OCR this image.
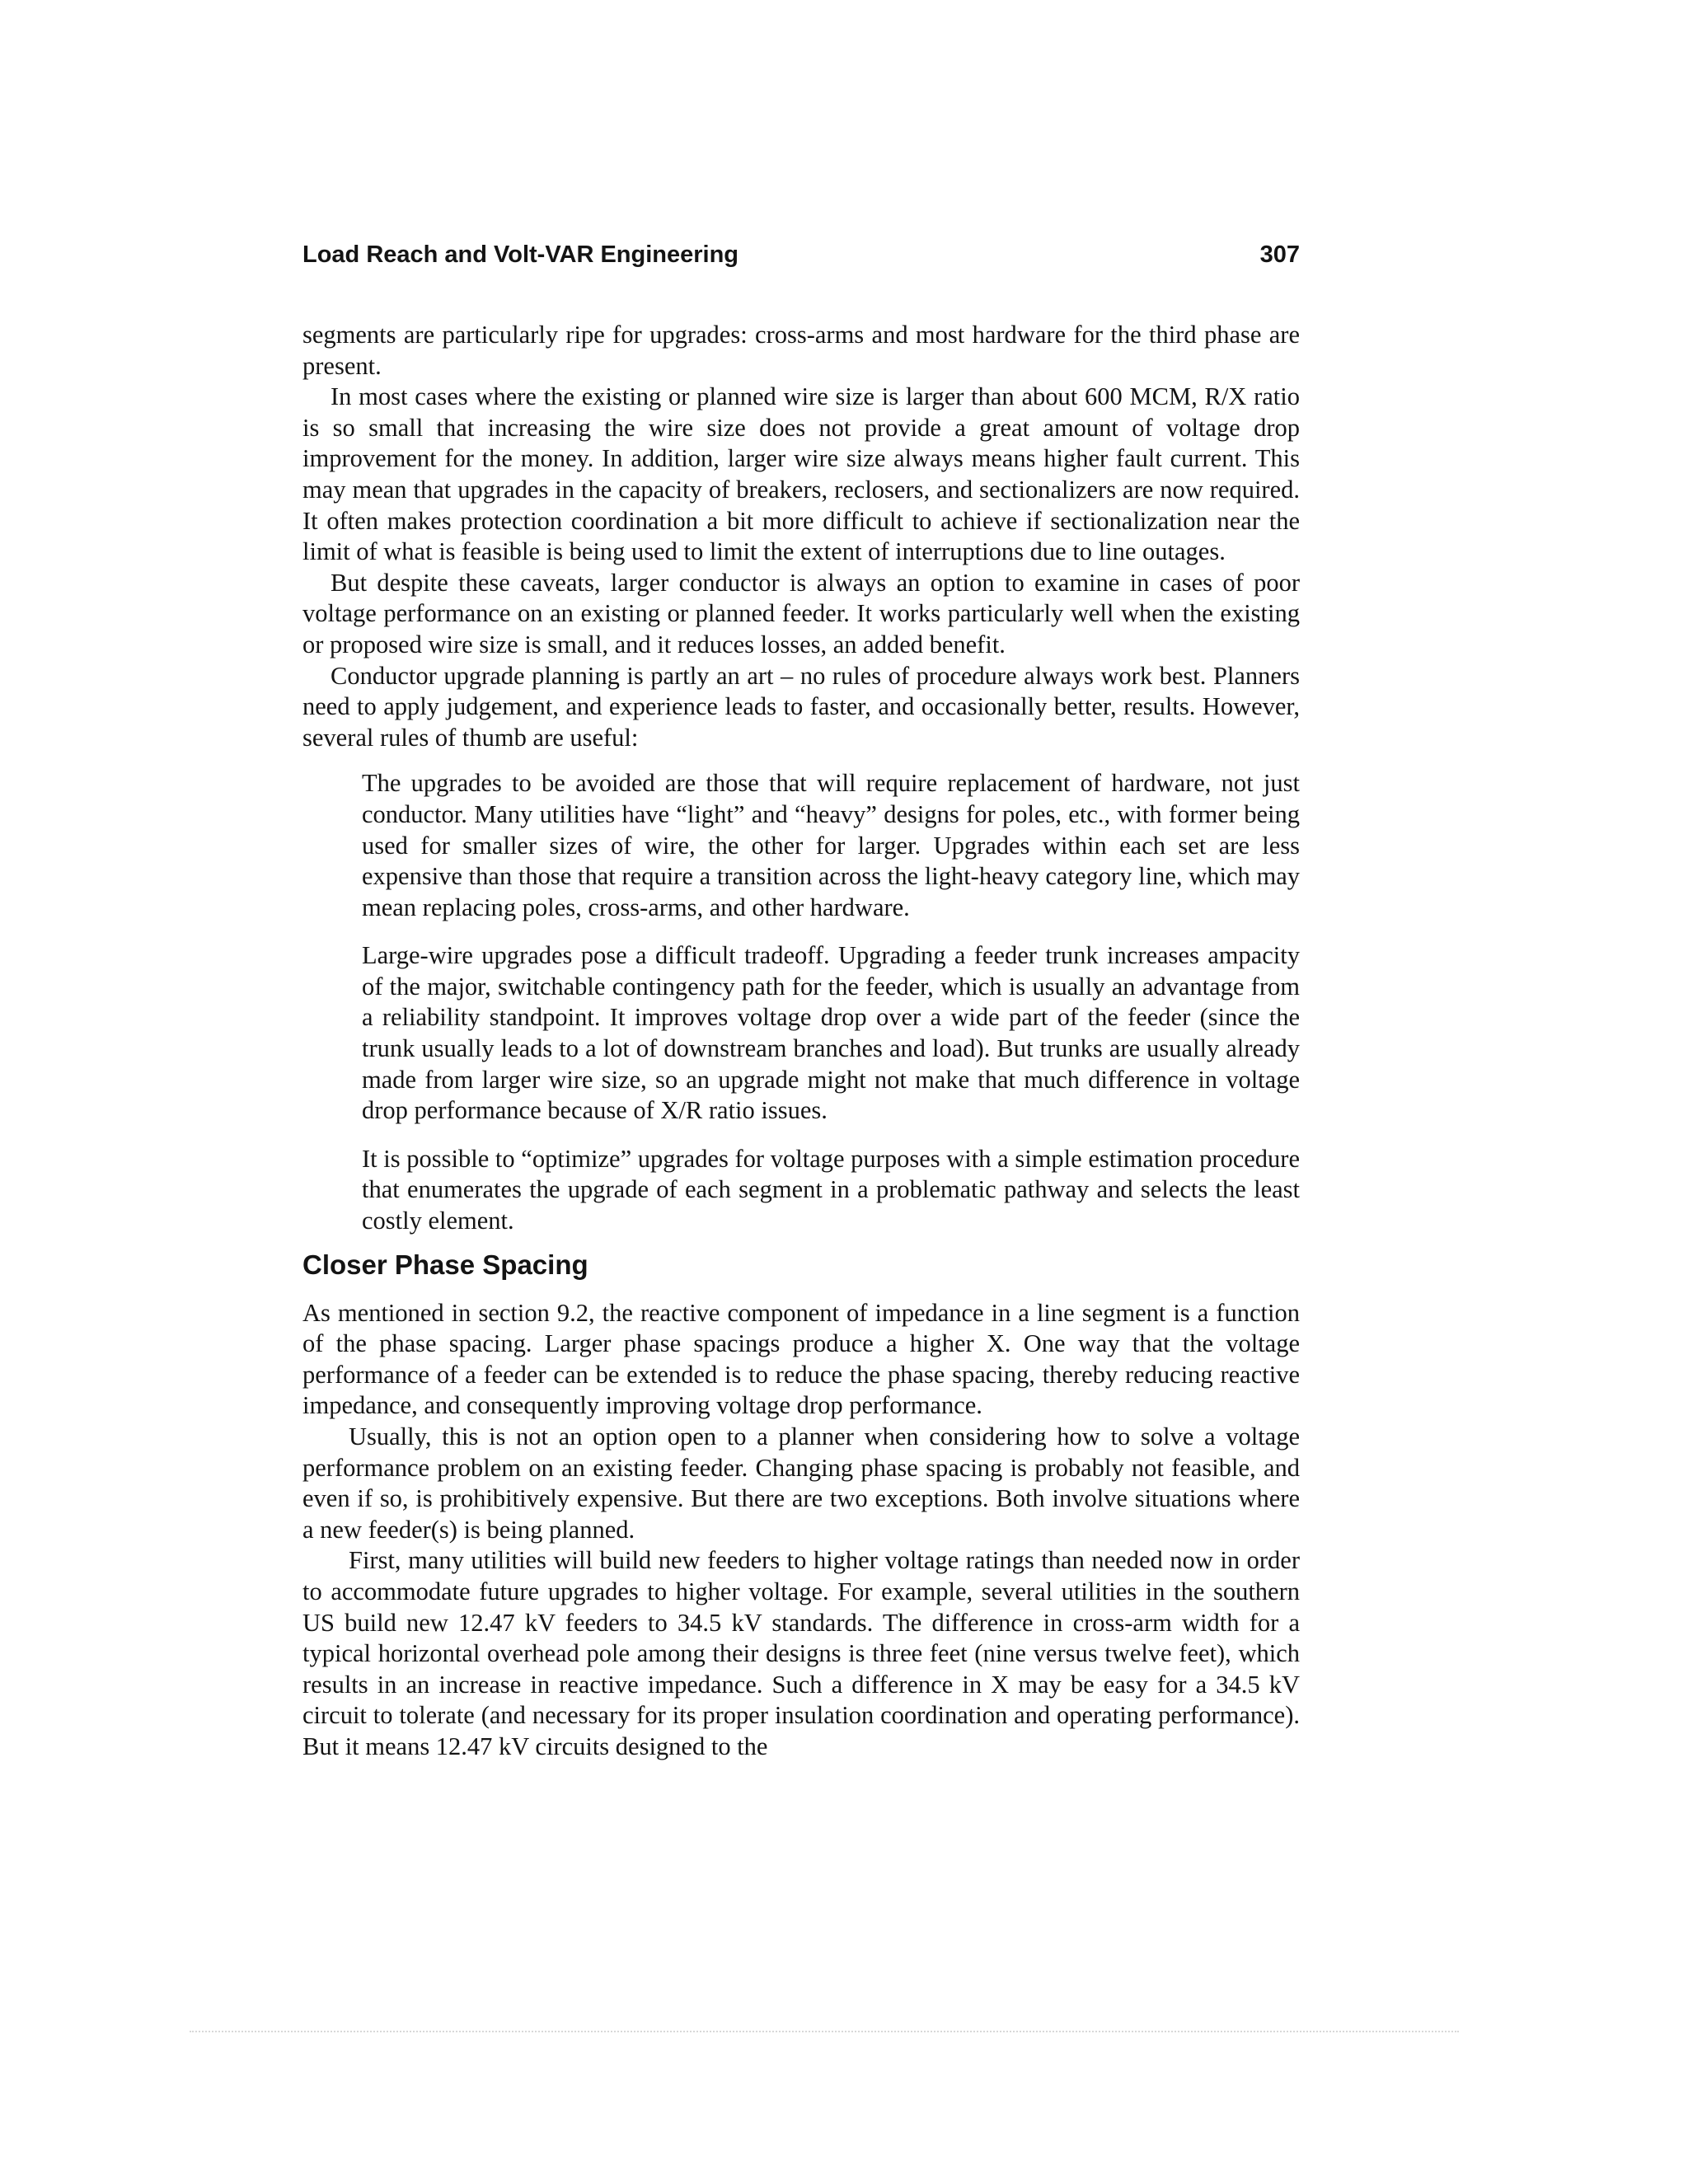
Load Reach and Volt-VAR Engineering	307

segments are particularly ripe for upgrades: cross-arms and most hardware for the third phase are present.

In most cases where the existing or planned wire size is larger than about 600 MCM, R/X ratio is so small that increasing the wire size does not provide a great amount of voltage drop improvement for the money. In addition, larger wire size always means higher fault current. This may mean that upgrades in the capacity of breakers, reclosers, and sectionalizers are now required. It often makes protection coordination a bit more difficult to achieve if sectionalization near the limit of what is feasible is being used to limit the extent of interruptions due to line outages.

But despite these caveats, larger conductor is always an option to examine in cases of poor voltage performance on an existing or planned feeder. It works particularly well when the existing or proposed wire size is small, and it reduces losses, an added benefit.

Conductor upgrade planning is partly an art – no rules of procedure always work best. Planners need to apply judgement, and experience leads to faster, and occasionally better, results. However, several rules of thumb are useful:

The upgrades to be avoided are those that will require replacement of hardware, not just conductor. Many utilities have “light” and “heavy” designs for poles, etc., with former being used for smaller sizes of wire, the other for larger. Upgrades within each set are less expensive than those that require a transition across the light-heavy category line, which may mean replacing poles, cross-arms, and other hardware.

Large-wire upgrades pose a difficult tradeoff. Upgrading a feeder trunk increases ampacity of the major, switchable contingency path for the feeder, which is usually an advantage from a reliability standpoint. It improves voltage drop over a wide part of the feeder (since the trunk usually leads to a lot of downstream branches and load). But trunks are usually already made from larger wire size, so an upgrade might not make that much difference in voltage drop performance because of X/R ratio issues.

It is possible to “optimize” upgrades for voltage purposes with a simple estimation procedure that enumerates the upgrade of each segment in a problematic pathway and selects the least costly element.

Closer Phase Spacing

As mentioned in section 9.2, the reactive component of impedance in a line segment is a function of the phase spacing. Larger phase spacings produce a higher X. One way that the voltage performance of a feeder can be extended is to reduce the phase spacing, thereby reducing reactive impedance, and consequently improving voltage drop performance.

Usually, this is not an option open to a planner when considering how to solve a voltage performance problem on an existing feeder. Changing phase spacing is probably not feasible, and even if so, is prohibitively expensive. But there are two exceptions. Both involve situations where a new feeder(s) is being planned.

First, many utilities will build new feeders to higher voltage ratings than needed now in order to accommodate future upgrades to higher voltage. For example, several utilities in the southern US build new 12.47 kV feeders to 34.5 kV standards. The difference in cross-arm width for a typical horizontal overhead pole among their designs is three feet (nine versus twelve feet), which results in an increase in reactive impedance. Such a difference in X may be easy for a 34.5 kV circuit to tolerate (and necessary for its proper insulation coordination and operating performance). But it means 12.47 kV circuits designed to the
